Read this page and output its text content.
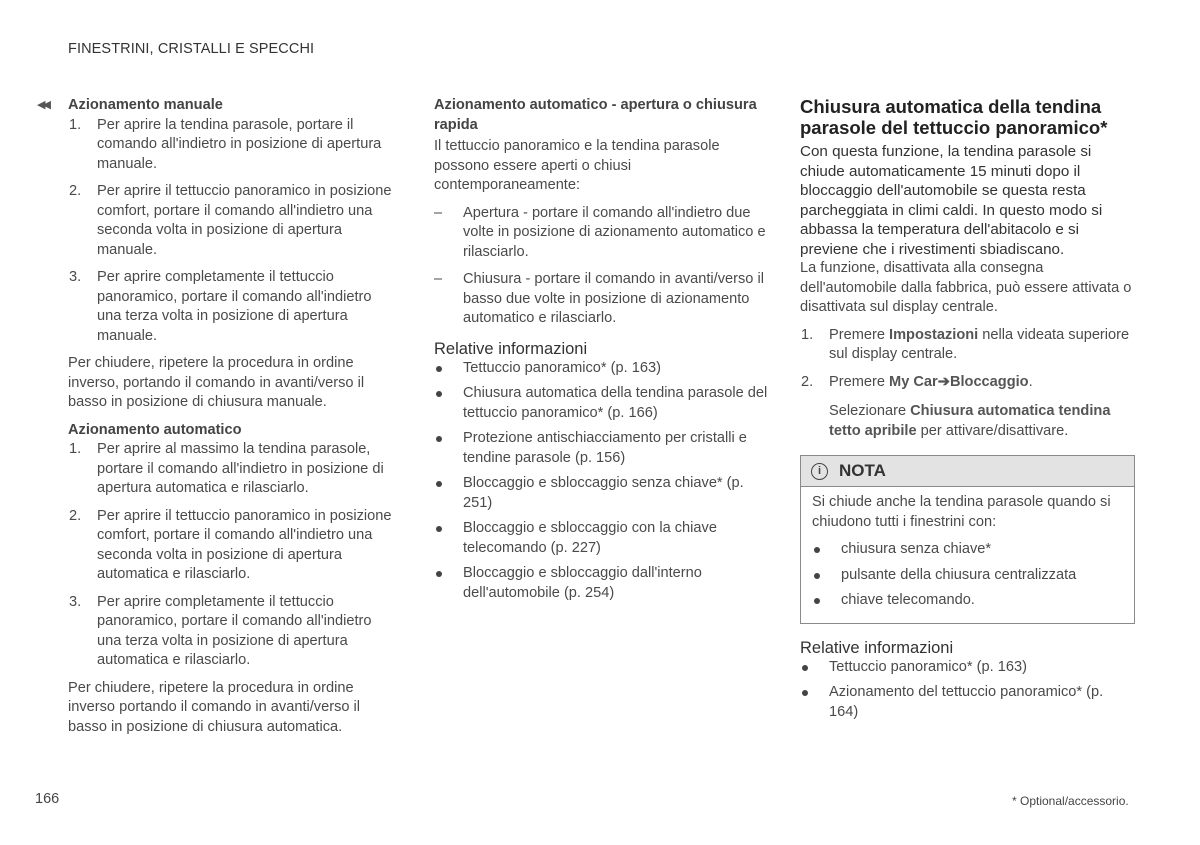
FINESTRINI, CRISTALLI E SPECCHI
◀◀ Azionamento manuale

1. Per aprire la tendina parasole, portare il comando all'indietro in posizione di apertura manuale.
2. Per aprire il tettuccio panoramico in posizione comfort, portare il comando all'indietro una seconda volta in posizione di apertura manuale.
3. Per aprire completamente il tettuccio panoramico, portare il comando all'indietro una terza volta in posizione di apertura manuale.

Per chiudere, ripetere la procedura in ordine inverso, portando il comando in avanti/verso il basso in posizione di chiusura manuale.

Azionamento automatico

1. Per aprire al massimo la tendina parasole, portare il comando all'indietro in posizione di apertura automatica e rilasciarlo.
2. Per aprire il tettuccio panoramico in posizione comfort, portare il comando all'indietro una seconda volta in posizione di apertura automatica e rilasciarlo.
3. Per aprire completamente il tettuccio panoramico, portare il comando all'indietro una terza volta in posizione di apertura automatica e rilasciarlo.

Per chiudere, ripetere la procedura in ordine inverso portando il comando in avanti/verso il basso in posizione di chiusura automatica.

Azionamento automatico - apertura o chiusura rapida

Il tettuccio panoramico e la tendina parasole possono essere aperti o chiusi contemporaneamente:

– Apertura - portare il comando all'indietro due volte in posizione di azionamento automatico e rilasciarlo.
– Chiusura - portare il comando in avanti/verso il basso due volte in posizione di azionamento automatico e rilasciarlo.

Relative informazioni

Tettuccio panoramico* (p. 163)
Chiusura automatica della tendina parasole del tettuccio panoramico* (p. 166)
Protezione antischiacciamento per cristalli e tendine parasole (p. 156)
Bloccaggio e sbloccaggio senza chiave* (p. 251)
Bloccaggio e sbloccaggio con la chiave telecomando (p. 227)
Bloccaggio e sbloccaggio dall'interno dell'automobile (p. 254)
Chiusura automatica della tendina parasole del tettuccio panoramico*

Con questa funzione, la tendina parasole si chiude automaticamente 15 minuti dopo il bloccaggio dell'automobile se questa resta parcheggiata in climi caldi. In questo modo si abbassa la temperatura dell'abitacolo e si previene che i rivestimenti sbiadiscano.

La funzione, disattivata alla consegna dell'automobile dalla fabbrica, può essere attivata o disattivata sul display centrale.

1. Premere Impostazioni nella videata superiore sul display centrale.
2. Premere My Car➔Bloccaggio.
Selezionare Chiusura automatica tendina tetto apribile per attivare/disattivare.
i	NOTA

Si chiude anche la tendina parasole quando si chiudono tutti i finestrini con:

chiusura senza chiave*
pulsante della chiusura centralizzata
chiave telecomando.

Relative informazioni

Tettuccio panoramico* (p. 163)
Azionamento del tettuccio panoramico* (p. 164)
166	* Optional/accessorio.
